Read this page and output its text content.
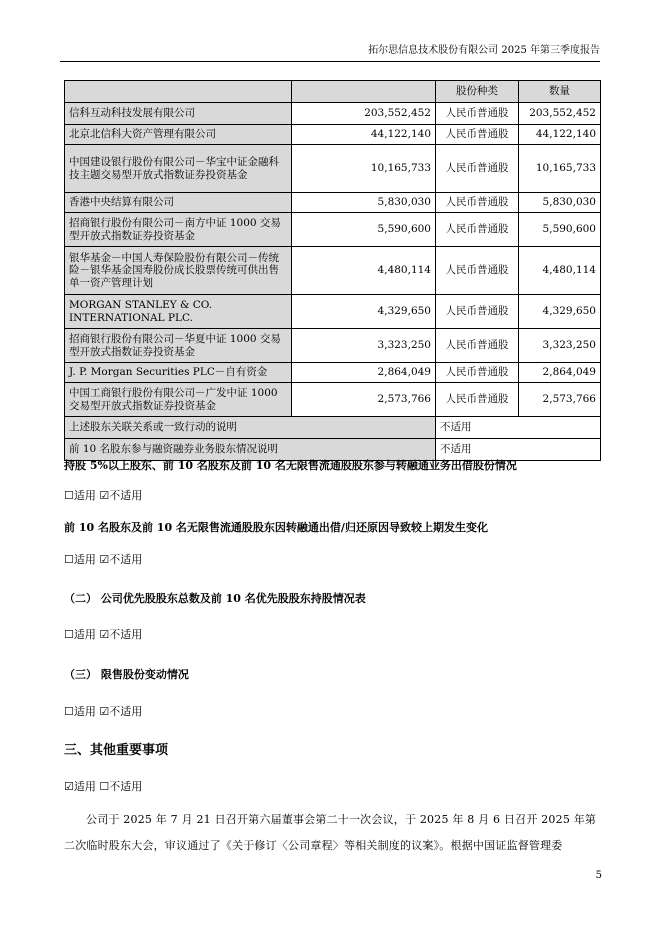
拓尔思信息技术股份有限公司 2025 年第三季度报告
		股份种类	数量
信科互动科技发展有限公司	203,552,452	人民币普通股	203,552,452
北京北信科大资产管理有限公司	44,122,140	人民币普通股	44,122,140
中国建设银行股份有限公司－华宝中证金融科技主题交易型开放式指数证券投资基金	10,165,733	人民币普通股	10,165,733
香港中央结算有限公司	5,830,030	人民币普通股	5,830,030
招商银行股份有限公司－南方中证 1000 交易型开放式指数证券投资基金	5,590,600	人民币普通股	5,590,600
银华基金－中国人寿保险股份有限公司－传统险－银华基金国寿股份成长股票传统可供出售单一资产管理计划	4,480,114	人民币普通股	4,480,114
MORGAN STANLEY & CO. INTERNATIONAL PLC.	4,329,650	人民币普通股	4,329,650
招商银行股份有限公司－华夏中证 1000 交易型开放式指数证券投资基金	3,323,250	人民币普通股	3,323,250
J. P. Morgan Securities PLC－自有资金	2,864,049	人民币普通股	2,864,049
中国工商银行股份有限公司－广发中证 1000 交易型开放式指数证券投资基金	2,573,766	人民币普通股	2,573,766
上述股东关联关系或一致行动的说明		不适用	
前 10 名股东参与融资融券业务股东情况说明		不适用	
持股 5%以上股东、前 10 名股东及前 10 名无限售流通股股东参与转融通业务出借股份情况
☐适用 ☑不适用
前 10 名股东及前 10 名无限售流通股股东因转融通出借/归还原因导致较上期发生变化
☐适用 ☑不适用
（二） 公司优先股股东总数及前 10 名优先股股东持股情况表
☐适用 ☑不适用
（三） 限售股份变动情况
☐适用 ☑不适用
三、其他重要事项
☑适用 ☐不适用
公司于 2025 年 7 月 21 日召开第六届董事会第二十一次会议，于 2025 年 8 月 6 日召开 2025 年第二次临时股东大会，审议通过了《关于修订〈公司章程〉等相关制度的议案》。根据中国证监督管理委
5
